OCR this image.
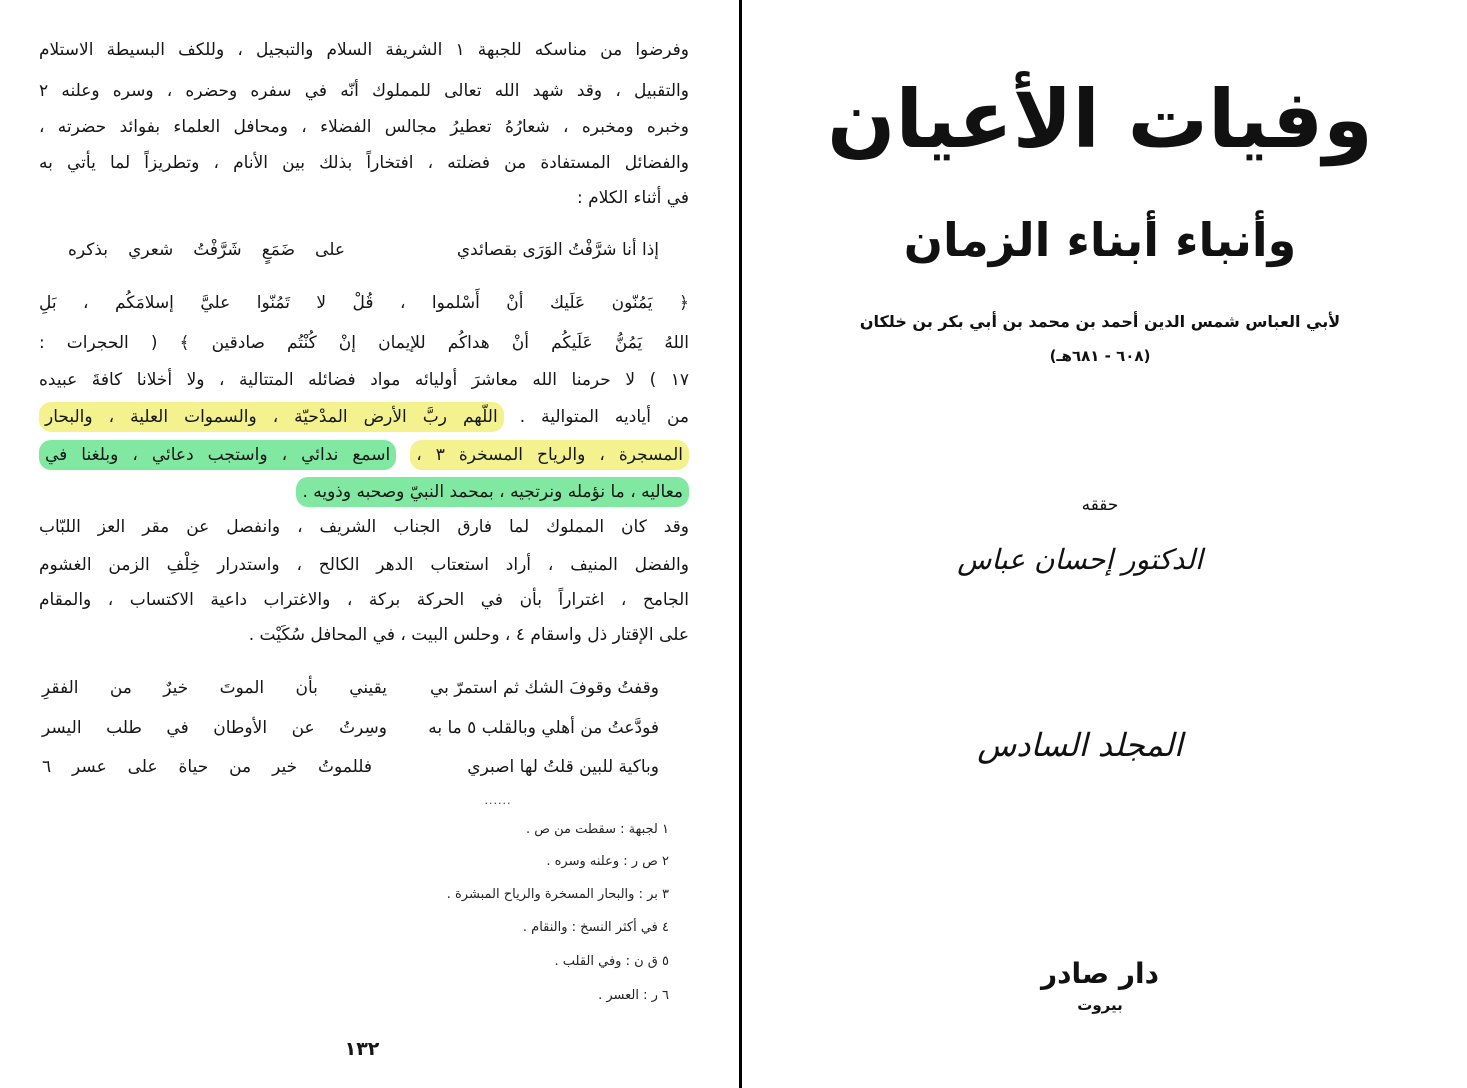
وفرضوا من مناسكه للجبهة ١ الشريفة السلام والتبجيل ، وللكف البسيطة الاستلام
والتقبيل ، وقد شهد الله تعالى للمملوك أنّه في سفره وحضره ، وسره وعلنه ٢
وخبره ومخبره ، شعارُهُ تعطيرُ مجالس الفضلاء ، ومحافل العلماء بفوائد حضرته ،
والفضائل المستفادة من فضلته ، افتخاراً بذلك بين الأنام ، وتطريزاً لما يأتي به
في أثناء الكلام :
إذا أنا شرَّفْتُ الوَرَى بقصائدي
على ضَمَعٍ شَرَّفْتُ شعري بذكره
﴿ يَمُنّون عَلَيك أنْ أَسْلموا ، قُلْ لا تَمُنّوا عليَّ إسلامَكُم ، بَلِ
اللهُ يَمُنُّ عَلَيكُم أنْ هداكُم للإيمان إنْ كُنْتُم صادقين ﴾ ( الحجرات :
١٧ ) لا حرمنا الله معاشرَ أوليائه مواد فضائله المتتالية ، ولا أخلانا كافةَ عبيده
من أياديه المتوالية . اللّهم ربَّ الأرض المدْحيّة ، والسموات العلية ، والبحار
المسجرة ، والرياح المسخرة ٣ ، اسمع ندائي ، واستجب دعائي ، وبلغنا في
معاليه ، ما نؤمله ونرتجيه ، بمحمد النبيّ وصحبه وذويه .
وقد كان المملوك لما فارق الجناب الشريف ، وانفصل عن مقر العز اللبّاب
والفضل المنيف ، أراد استعتاب الدهر الكالح ، واستدرار خِلْفِ الزمن الغشوم
الجامح ، اغتراراً بأن في الحركة بركة ، والاغتراب داعية الاكتساب ، والمقام
على الإقتار ذل واسقام ٤ ، وحلس البيت ، في المحافل سُكَيْت .
وقفتُ وقوفَ الشك ثم استمرّ بي
يقيني بأن الموتَ خيرٌ من الفقرِ
فودَّعتُ من أهلي وبالقلب ٥ ما به
وسِرتُ عن الأوطان في طلب اليسر
وباكية للبين قلتُ لها اصبري
فللموتُ خير من حياة على عسر ٦
......
١ لجبهة : سقطت من ص .
٢ ص ر : وعلنه وسره .
٣ بر : والبحار المسخرة والرياح المبشرة .
٤ في أكثر النسخ : والنقام .
٥ ق ن : وفي القلب .
٦ ر : العسر .
١٣٢
وفيات الأعيان
وأنباء أبناء الزمان
لأبي العباس شمس الدين أحمد بن محمد بن أبي بكر بن خلكان
(٦٠٨ - ٦٨١هـ)
حققه
الدكتور إحسان عباس
المجلد السادس
دار صادر
بيروت
